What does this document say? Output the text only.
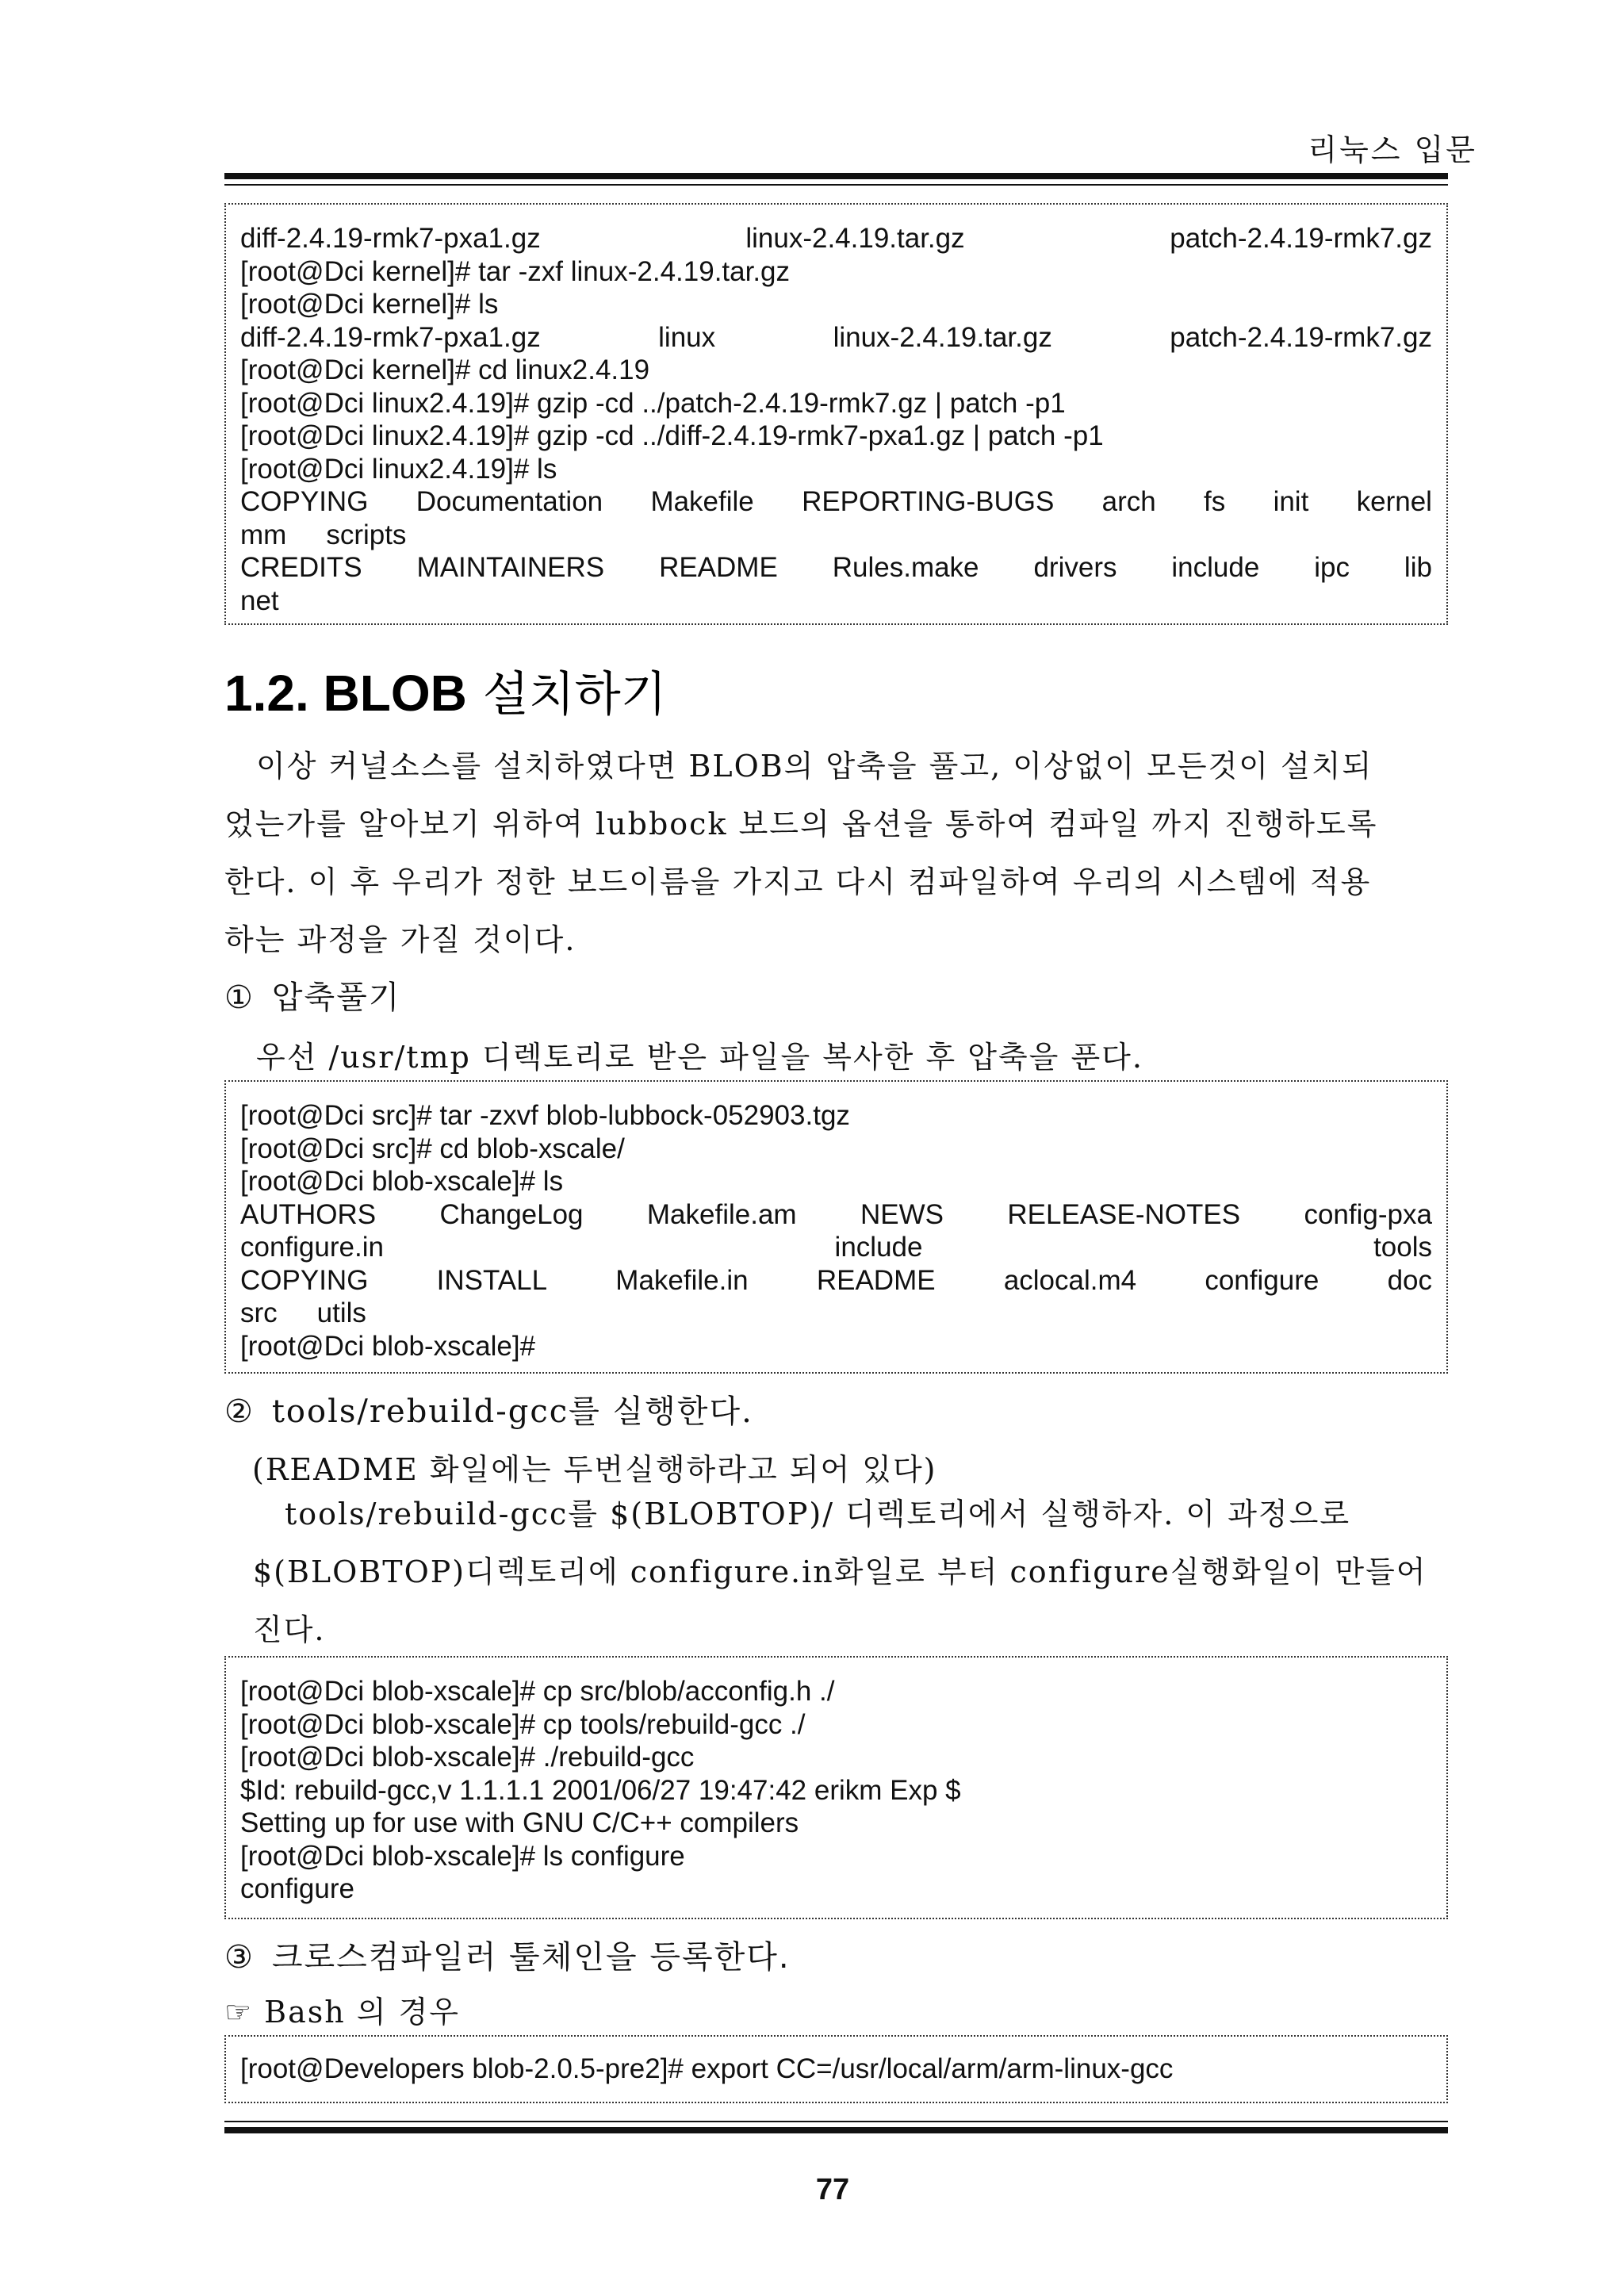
리눅스 입문
diff-2.4.19-rmk7-pxa1.gz	linux-2.4.19.tar.gz	patch-2.4.19-rmk7.gz
[root@Dci kernel]# tar -zxf linux-2.4.19.tar.gz
[root@Dci kernel]# ls
diff-2.4.19-rmk7-pxa1.gz	linux	linux-2.4.19.tar.gz	patch-2.4.19-rmk7.gz
[root@Dci kernel]# cd linux2.4.19
[root@Dci linux2.4.19]# gzip -cd ../patch-2.4.19-rmk7.gz | patch -p1
[root@Dci linux2.4.19]# gzip -cd ../diff-2.4.19-rmk7-pxa1.gz | patch -p1
[root@Dci linux2.4.19]# ls
COPYING Documentation Makefile REPORTING-BUGS arch fs init kernel
mm scripts
CREDITS MAINTAINERS README Rules.make drivers include ipc lib
net
1.2. BLOB 설치하기
이상 커널소스를 설치하였다면 BLOB의 압축을 풀고, 이상없이 모든것이 설치되
었는가를 알아보기 위하여 lubbock 보드의 옵션을 통하여 컴파일 까지 진행하도록
한다. 이 후 우리가 정한 보드이름을 가지고 다시 컴파일하여 우리의 시스템에 적용
하는 과정을 가질 것이다.
① 압축풀기
우선 /usr/tmp 디렉토리로 받은 파일을 복사한 후 압축을 푼다.
[root@Dci src]# tar -zxvf blob-lubbock-052903.tgz
[root@Dci src]# cd blob-xscale/
[root@Dci blob-xscale]# ls
AUTHORS ChangeLog Makefile.am NEWS RELEASE-NOTES config-pxa
configure.in	include	tools
COPYING INSTALL Makefile.in README aclocal.m4 configure doc
src utils
[root@Dci blob-xscale]#
② tools/rebuild-gcc를 실행한다.
(README 화일에는 두번실행하라고 되어 있다)
tools/rebuild-gcc를 $(BLOBTOP)/ 디렉토리에서 실행하자. 이 과정으로
$(BLOBTOP)디렉토리에 configure.in화일로 부터 configure실행화일이 만들어
진다.
[root@Dci blob-xscale]# cp src/blob/acconfig.h ./
[root@Dci blob-xscale]# cp tools/rebuild-gcc ./
[root@Dci blob-xscale]# ./rebuild-gcc
$Id: rebuild-gcc,v 1.1.1.1 2001/06/27 19:47:42 erikm Exp $
Setting up for use with GNU C/C++ compilers
[root@Dci blob-xscale]# ls configure
configure
③ 크로스컴파일러 툴체인을 등록한다.
☞ Bash 의 경우
[root@Developers blob-2.0.5-pre2]# export CC=/usr/local/arm/arm-linux-gcc
77
